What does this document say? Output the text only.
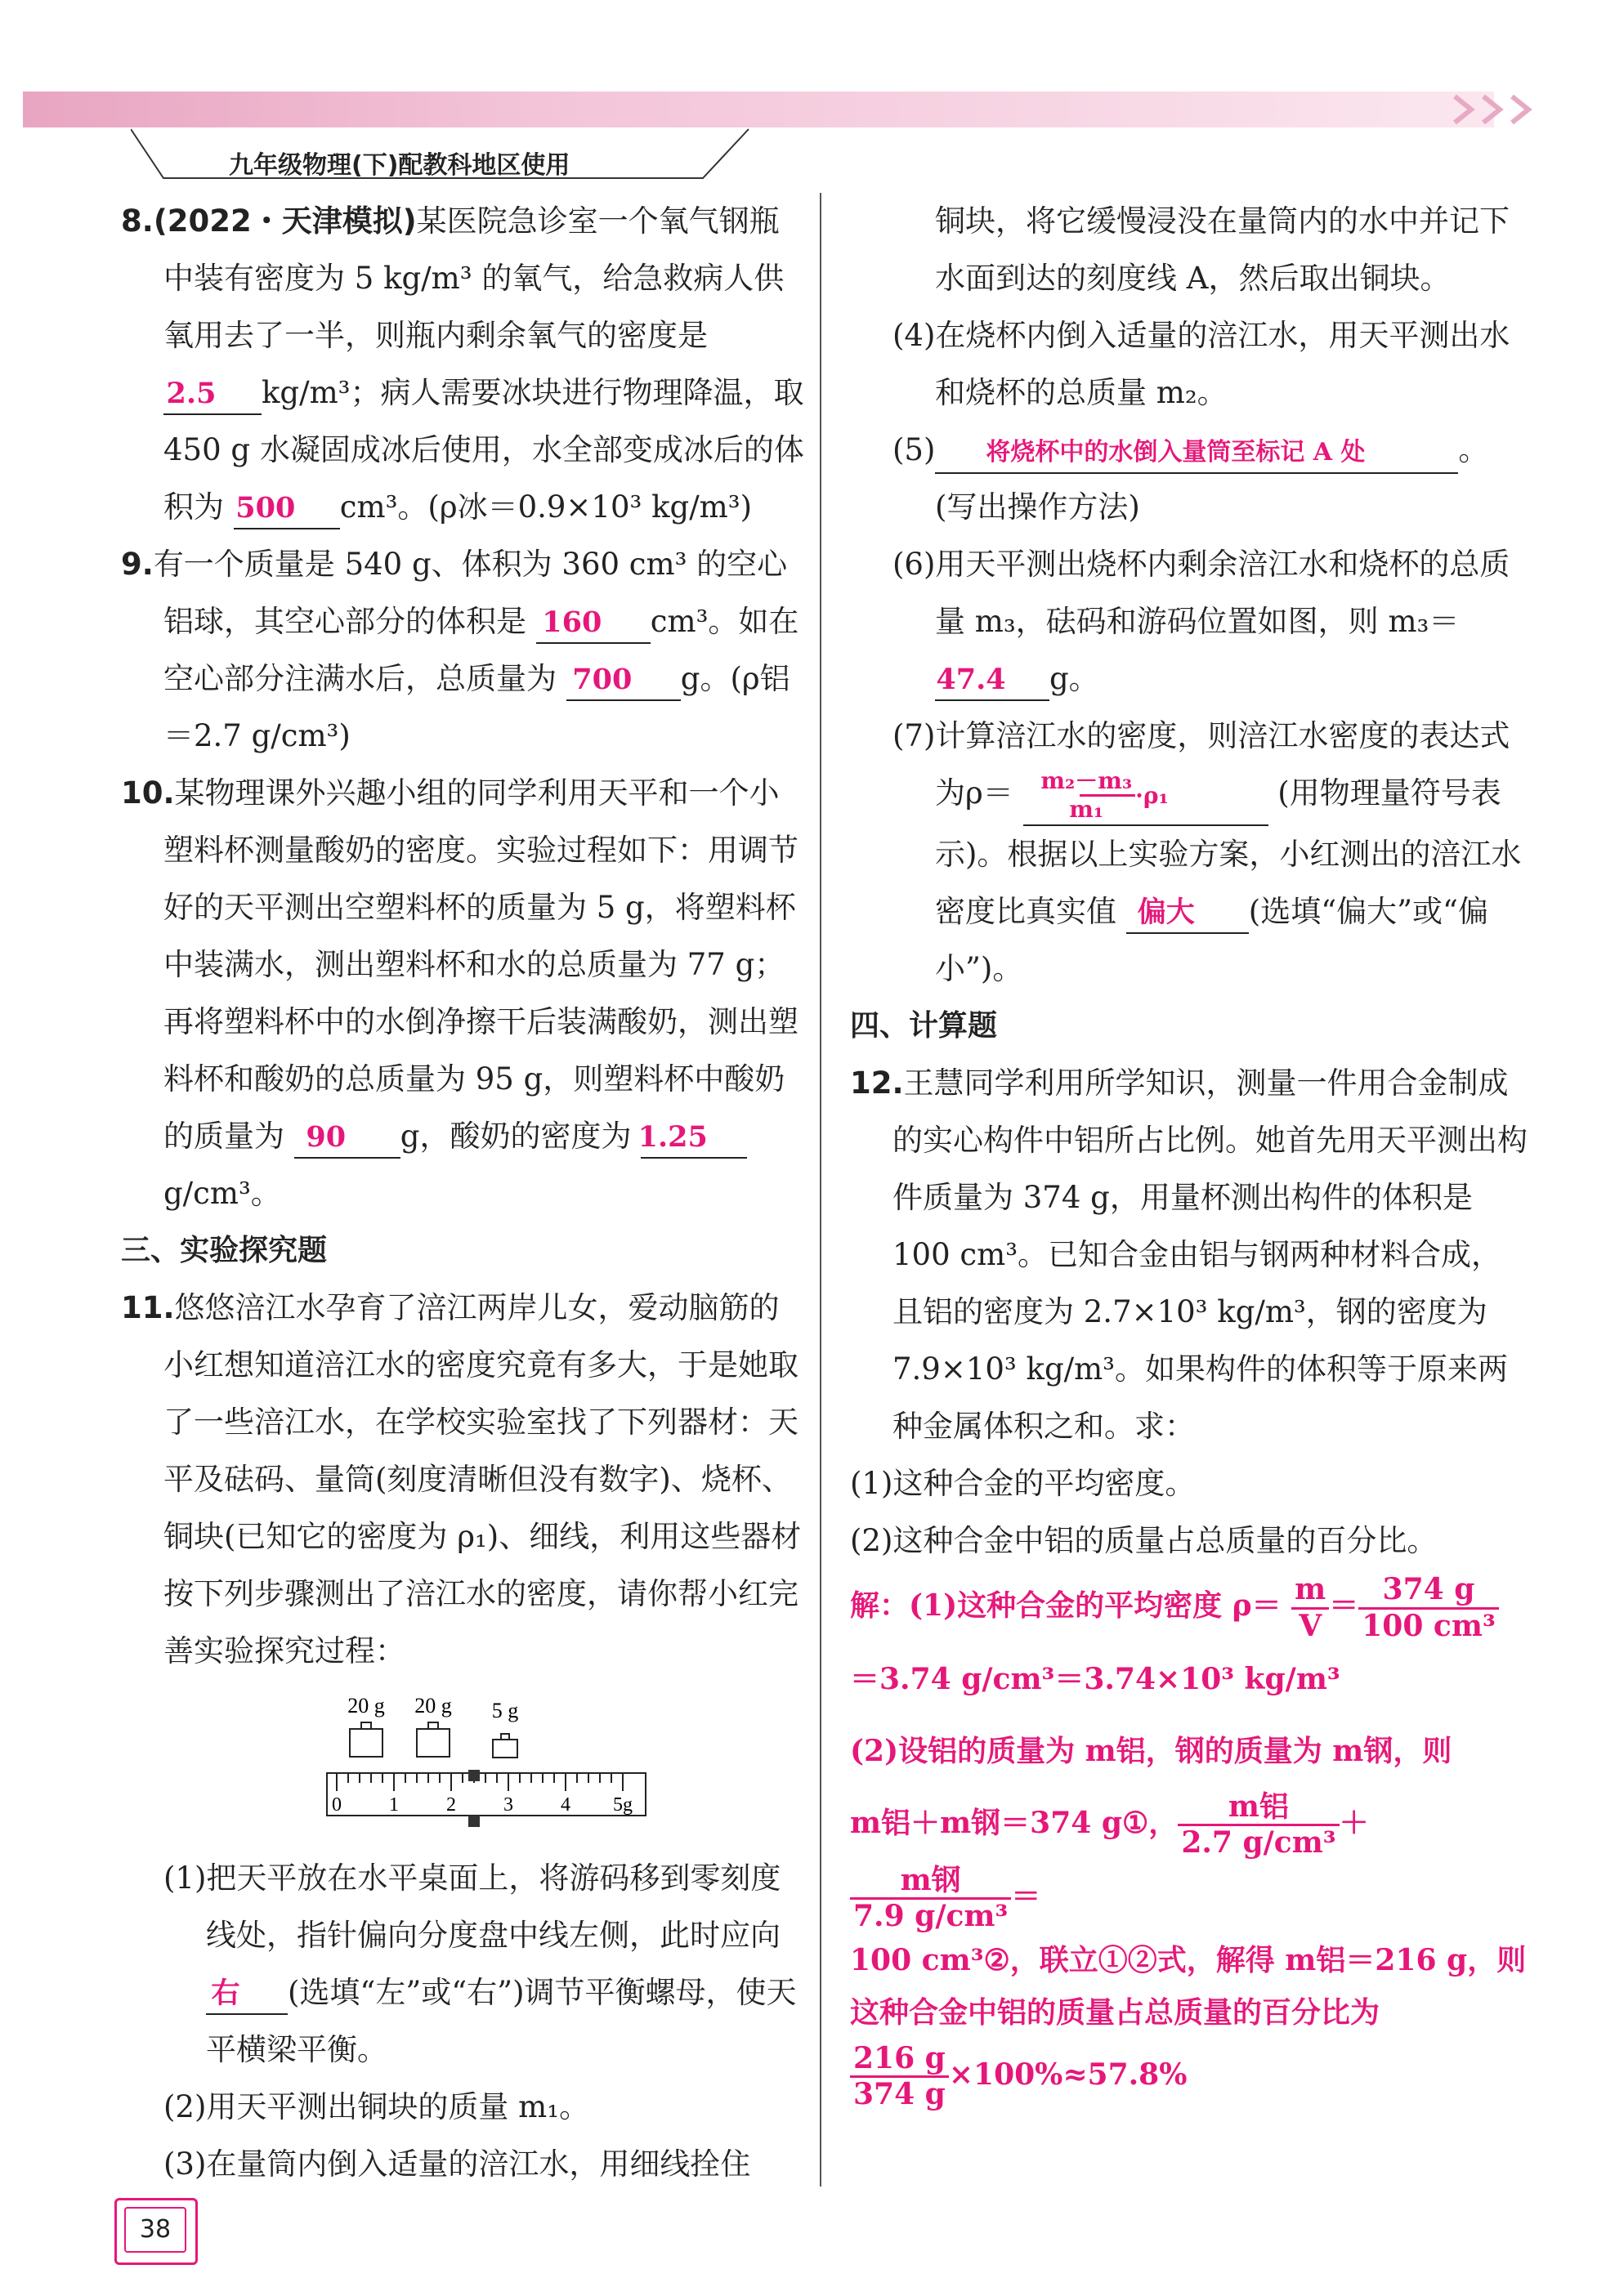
九年级物理(下)配教科地区使用

8.(2022・天津模拟)某医院急诊室一个氧气钢瓶中装有密度为 5 kg/m³ 的氧气，给急救病人供氧用去了一半，则瓶内剩余氧气的密度是 2.5 kg/m³；病人需要冰块进行物理降温，取 450 g 水凝固成冰后使用，水全部变成冰后的体积为 500 cm³。(ρ冰＝0.9×10³ kg/m³)

9.有一个质量是 540 g、体积为 360 cm³ 的空心铝球，其空心部分的体积是 160 cm³。如在空心部分注满水后，总质量为 700 g。(ρ铝＝2.7 g/cm³)

10.某物理课外兴趣小组的同学利用天平和一个小塑料杯测量酸奶的密度。实验过程如下：用调节好的天平测出空塑料杯的质量为 5 g，将塑料杯中装满水，测出塑料杯和水的总质量为 77 g；再将塑料杯中的水倒净擦干后装满酸奶，测出塑料杯和酸奶的总质量为 95 g，则塑料杯中酸奶的质量为 90 g，酸奶的密度为 1.25g/cm³。

三、实验探究题

11.悠悠涪江水孕育了涪江两岸儿女，爱动脑筋的小红想知道涪江水的密度究竟有多大，于是她取了一些涪江水，在学校实验室找了下列器材：天平及砝码、量筒(刻度清晰但没有数字)、烧杯、铜块(已知它的密度为 ρ₁)、细线，利用这些器材按下列步骤测出了涪江水的密度，请你帮小红完善实验探究过程：

20 g 20 g 5 g
0 1 2 3 4 5g

(1)把天平放在水平桌面上，将游码移到零刻度线处，指针偏向分度盘中线左侧，此时应向 右 (选填“左”或“右”)调节平衡螺母，使天平横梁平衡。

(2)用天平测出铜块的质量 m₁。

(3)在量筒内倒入适量的涪江水，用细线拴住

铜块，将它缓慢浸没在量筒内的水中并记下水面到达的刻度线 A，然后取出铜块。

(4)在烧杯内倒入适量的涪江水，用天平测出水和烧杯的总质量 m₂。

(5) 将烧杯中的水倒入量筒至标记 A 处	。(写出操作方法)

(6)用天平测出烧杯内剩余涪江水和烧杯的总质量 m₃，砝码和游码位置如图，则 m₃＝ 47.4 g。

(7)计算涪江水的密度，则涪江水密度的表达式为ρ＝	$\frac{\text{m₂－m₃}}{\text{m₁}} \cdot\rho_1$	(用物理量符号表示)。根据以上实验方案，小红测出的涪江水密度比真实值 偏大 (选填“偏大”或“偏小”)。

四、计算题

12.王慧同学利用所学知识，测量一件用合金制成的实心构件中铝所占比例。她首先用天平测出构件质量为 374 g，用量杯测出构件的体积是 100 cm³。已知合金由铝与钢两种材料合成，且铝的密度为 2.7×10³ kg/m³，钢的密度为 7.9×10³ kg/m³。如果构件的体积等于原来两种金属体积之和。求：

(1)这种合金的平均密度。

(2)这种合金中铝的质量占总质量的百分比。

解：(1)这种合金的平均密度 $\rho= \frac{m}{V} = \frac{374 g}{\text{100 cm³}}$
＝3.74 g/cm³＝3.74×10³ kg/m³
(2)设铝的质量为 m铝，钢的质量为 m钢，则
m铝＋m钢＝374 g①， $\frac{\text{m铝}}{\text{2.7 g/cm³}}$ ＋
$\frac{\text{m钢}}{\text{7.9 g/cm³}}$ ＝
100 cm³②，联立①②式，解得 m铝＝216 g，则这种合金中铝的质量占总质量的百分比为
$\frac{216 g}{374 g} \times 100\%\approx 57.8\%$
38
